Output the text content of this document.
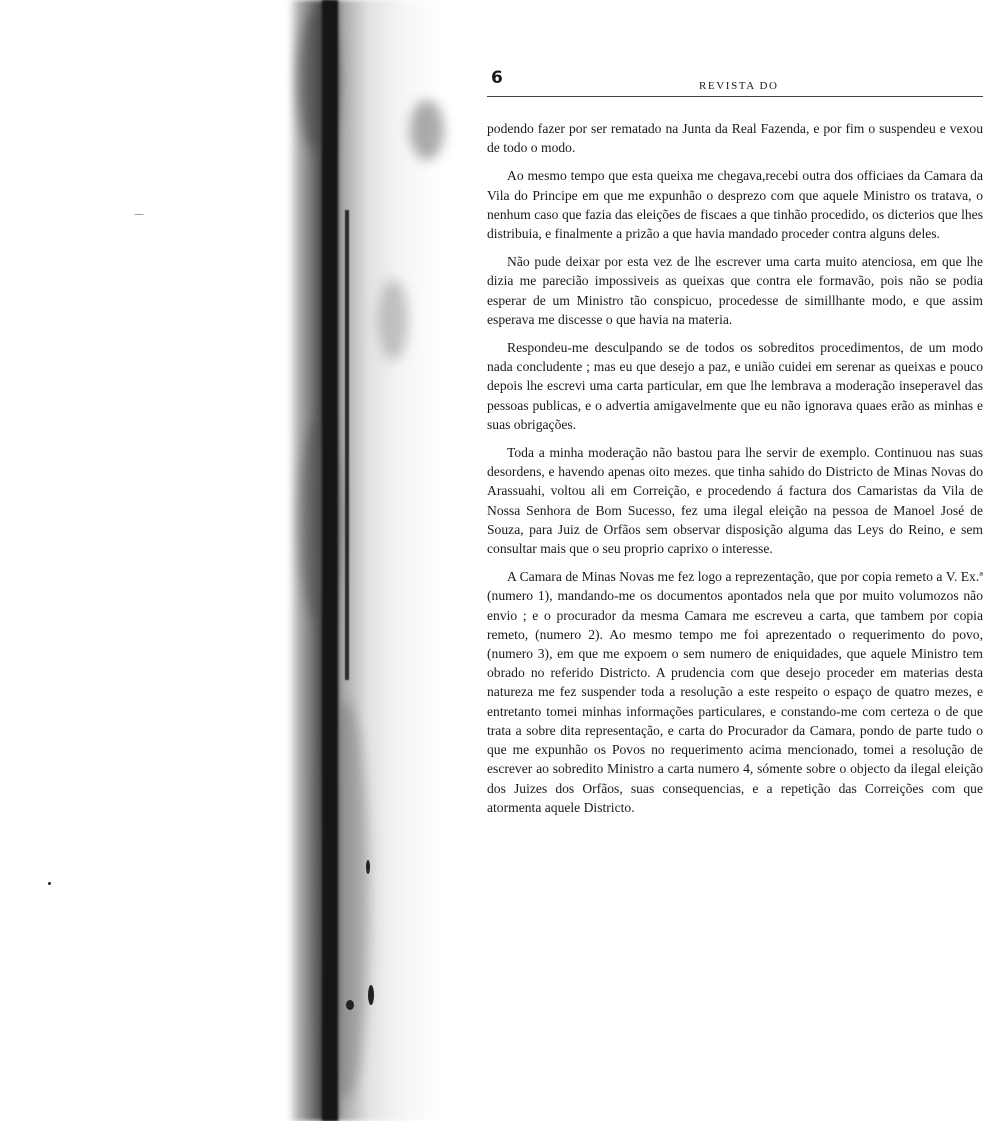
6	REVISTA DO

podendo fazer por ser rematado na Junta da Real Fazenda, e por fim o suspendeu e vexou de todo o modo.

Ao mesmo tempo que esta queixa me chegava,recebi outra dos officiaes da Camara da Vila do Principe em que me expunhão o desprezo com que aquele Ministro os tratava, o nenhum caso que fazia das eleições de fiscaes a que tinhão procedido, os dicterios que lhes distribuia, e finalmente a prizão a que havia mandado proceder contra alguns deles.

Não pude deixar por esta vez de lhe escrever uma carta muito atenciosa, em que lhe dizia me parecião impossiveis as queixas que contra ele formavão, pois não se podia esperar de um Ministro tão conspicuo, procedesse de simillhante modo, e que assim esperava me discesse o que havia na materia.

Respondeu-me desculpando se de todos os sobreditos procedimentos, de um modo nada concludente ; mas eu que desejo a paz, e união cuidei em serenar as queixas e pouco depois lhe escrevi uma carta particular, em que lhe lembrava a moderação inseperavel das pessoas publicas, e o advertia amigavelmente que eu não ignorava quaes erão as minhas e suas obrigações.

Toda a minha moderação não bastou para lhe servir de exemplo. Continuou nas suas desordens, e havendo apenas oito mezes. que tinha sahido do Districto de Minas Novas do Arassuahi, voltou ali em Correição, e procedendo á factura dos Camaristas da Vila de Nossa Senhora de Bom Sucesso, fez uma ilegal eleição na pessoa de Manoel José de Souza, para Juiz de Orfãos sem observar disposição alguma das Leys do Reino, e sem consultar mais que o seu proprio caprixo o interesse.

A Camara de Minas Novas me fez logo a reprezentação, que por copia remeto a V. Ex.ª (numero 1), mandando-me os documentos apontados nela que por muito volumozos não envio ; e o procurador da mesma Camara me escreveu a carta, que tambem por copia remeto, (numero 2). Ao mesmo tempo me foi aprezentado o requerimento do povo, (numero 3), em que me expoem o sem numero de eniquidades, que aquele Ministro tem obrado no referido Districto. A prudencia com que desejo proceder em materias desta natureza me fez suspender toda a resolução a este respeito o espaço de quatro mezes, e entretanto tomei minhas informações particulares, e constando-me com certeza o de que trata a sobre dita representação, e carta do Procurador da Camara, pondo de parte tudo o que me expunhão os Povos no requerimento acima mencionado, tomei a resolução de escrever ao sobredito Ministro a carta numero 4, sómente sobre o objecto da ilegal eleição dos Juizes dos Orfãos, suas consequencias, e a repetição das Correições com que atormenta aquele Districto.
